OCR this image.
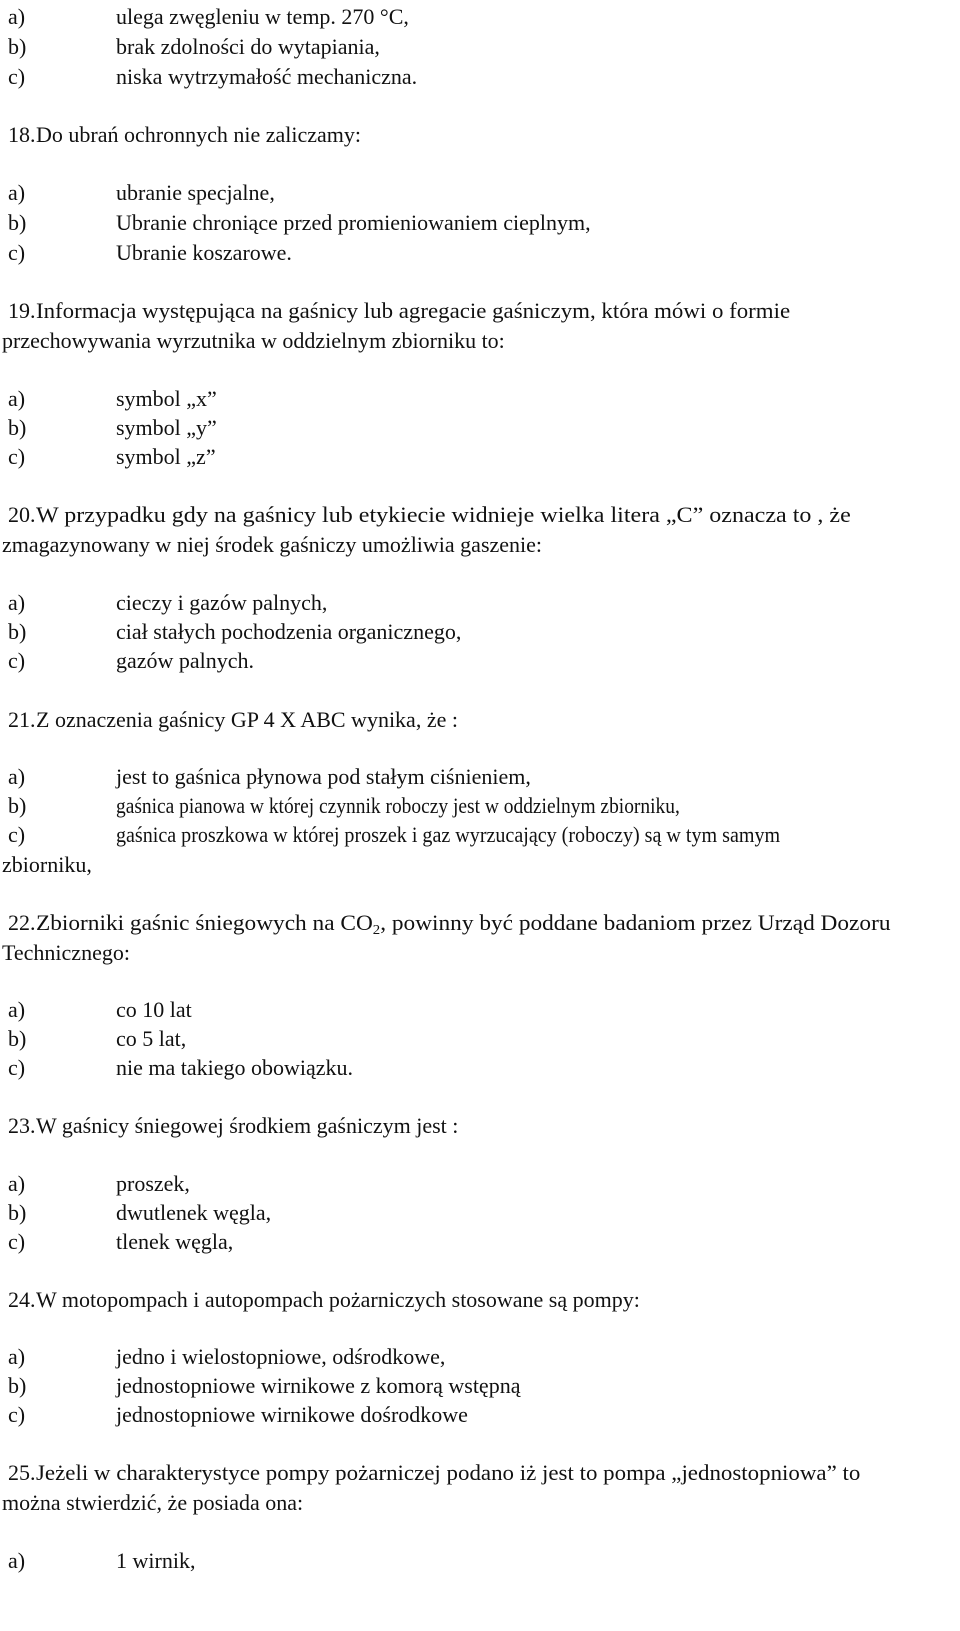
a)	ulega zwęgleniu w temp. 270 °C,
b)	brak zdolności do wytapiania,
c)	niska wytrzymałość mechaniczna.
18. Do ubrań ochronnych nie zaliczamy:
a)	ubranie specjalne,
b)	Ubranie chroniące przed promieniowaniem cieplnym,
c)	Ubranie koszarowe.
19. Informacja występująca na gaśnicy lub agregacie gaśniczym, która mówi o formie
przechowywania wyrzutnika w oddzielnym zbiorniku to:
a)	symbol „x”
b)	symbol „y”
c)	symbol „z”
20. W przypadku gdy na gaśnicy lub etykiecie widnieje wielka litera „C” oznacza to , że
zmagazynowany w niej środek gaśniczy umożliwia gaszenie:
a)	cieczy i gazów palnych,
b)	ciał stałych pochodzenia organicznego,
c)	gazów palnych.
21. Z oznaczenia gaśnicy GP 4 X ABC wynika, że :
a)	jest to gaśnica płynowa pod stałym ciśnieniem,
b)	gaśnica pianowa w której czynnik roboczy jest w oddzielnym zbiorniku,
c)	gaśnica proszkowa w której proszek i gaz wyrzucający (roboczy) są w tym samym
zbiorniku,
22. Zbiorniki gaśnic śniegowych na $CO_2$, powinny być poddane badaniom przez Urząd Dozoru
Technicznego:
a)	co 10 lat
b)	co 5 lat,
c)	nie ma takiego obowiązku.
23. W gaśnicy śniegowej środkiem gaśniczym jest :
a)	proszek,
b)	dwutlenek węgla,
c)	tlenek węgla,
24. W motopompach i autopompach pożarniczych stosowane są pompy:
a)	jedno i wielostopniowe, odśrodkowe,
b)	jednostopniowe wirnikowe z komorą wstępną
c)	jednostopniowe wirnikowe dośrodkowe
25. Jeżeli w charakterystyce pompy pożarniczej podano iż jest to pompa „jednostopniowa” to
można stwierdzić, że posiada ona:
a)	1 wirnik,
